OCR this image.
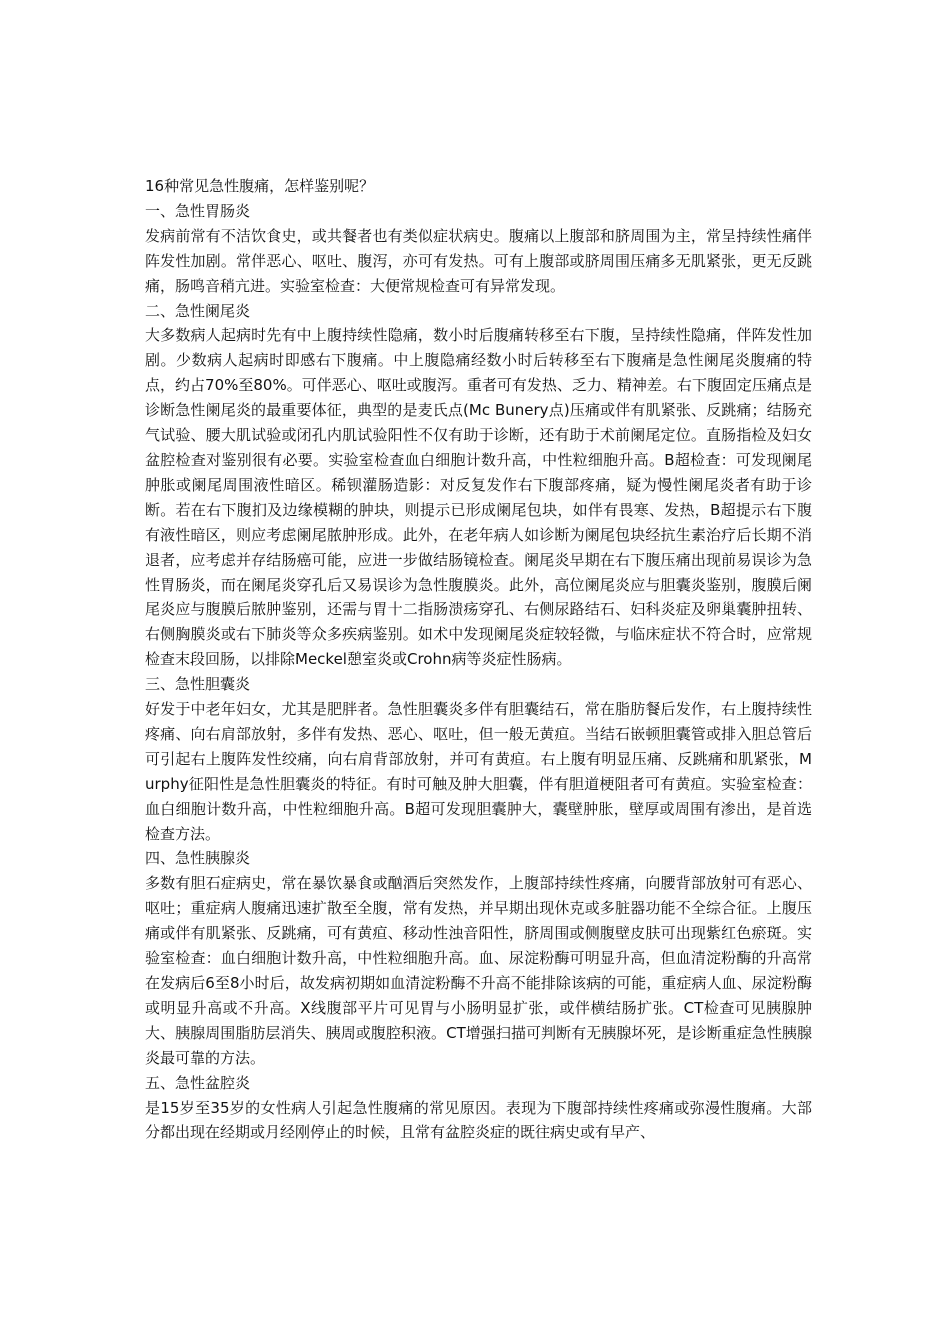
16种常见急性腹痛，怎样鉴别呢？

一、急性胃肠炎

发病前常有不洁饮食史，或共餐者也有类似症状病史。腹痛以上腹部和脐周围为主，常呈持续性痛伴阵发性加剧。常伴恶心、呕吐、腹泻，亦可有发热。可有上腹部或脐周围压痛多无肌紧张，更无反跳痛，肠鸣音稍亢进。实验室检查：大便常规检查可有异常发现。

二、急性阑尾炎

大多数病人起病时先有中上腹持续性隐痛，数小时后腹痛转移至右下腹，呈持续性隐痛，伴阵发性加剧。少数病人起病时即感右下腹痛。中上腹隐痛经数小时后转移至右下腹痛是急性阑尾炎腹痛的特点，约占70%至80%。可伴恶心、呕吐或腹泻。重者可有发热、乏力、精神差。右下腹固定压痛点是诊断急性阑尾炎的最重要体征，典型的是麦氏点(Mc Bunery点)压痛或伴有肌紧张、反跳痛；结肠充气试验、腰大肌试验或闭孔内肌试验阳性不仅有助于诊断，还有助于术前阑尾定位。直肠指检及妇女盆腔检查对鉴别很有必要。实验室检查血白细胞计数升高，中性粒细胞升高。B超检查：可发现阑尾肿胀或阑尾周围液性暗区。稀钡灌肠造影：对反复发作右下腹部疼痛，疑为慢性阑尾炎者有助于诊断。若在右下腹扪及边缘模糊的肿块，则提示已形成阑尾包块，如伴有畏寒、发热，B超提示右下腹有液性暗区，则应考虑阑尾脓肿形成。此外，在老年病人如诊断为阑尾包块经抗生素治疗后长期不消退者，应考虑并存结肠癌可能，应进一步做结肠镜检查。阑尾炎早期在右下腹压痛出现前易误诊为急性胃肠炎，而在阑尾炎穿孔后又易误诊为急性腹膜炎。此外，高位阑尾炎应与胆囊炎鉴别，腹膜后阑尾炎应与腹膜后脓肿鉴别，还需与胃十二指肠溃疡穿孔、右侧尿路结石、妇科炎症及卵巢囊肿扭转、右侧胸膜炎或右下肺炎等众多疾病鉴别。如术中发现阑尾炎症较轻微，与临床症状不符合时，应常规检查末段回肠，以排除Meckel憩室炎或Crohn病等炎症性肠病。

三、急性胆囊炎

好发于中老年妇女，尤其是肥胖者。急性胆囊炎多伴有胆囊结石，常在脂肪餐后发作，右上腹持续性疼痛、向右肩部放射，多伴有发热、恶心、呕吐，但一般无黄疸。当结石嵌顿胆囊管或排入胆总管后可引起右上腹阵发性绞痛，向右肩背部放射，并可有黄疸。右上腹有明显压痛、反跳痛和肌紧张，Murphy征阳性是急性胆囊炎的特征。有时可触及肿大胆囊，伴有胆道梗阻者可有黄疸。实验室检查：血白细胞计数升高，中性粒细胞升高。B超可发现胆囊肿大，囊壁肿胀，壁厚或周围有渗出，是首选检查方法。

四、急性胰腺炎

多数有胆石症病史，常在暴饮暴食或酗酒后突然发作，上腹部持续性疼痛，向腰背部放射可有恶心、呕吐；重症病人腹痛迅速扩散至全腹，常有发热，并早期出现休克或多脏器功能不全综合征。上腹压痛或伴有肌紧张、反跳痛，可有黄疸、移动性浊音阳性，脐周围或侧腹壁皮肤可出现紫红色瘀斑。实验室检查：血白细胞计数升高，中性粒细胞升高。血、尿淀粉酶可明显升高，但血清淀粉酶的升高常在发病后6至8小时后，故发病初期如血清淀粉酶不升高不能排除该病的可能，重症病人血、尿淀粉酶或明显升高或不升高。X线腹部平片可见胃与小肠明显扩张，或伴横结肠扩张。CT检查可见胰腺肿大、胰腺周围脂肪层消失、胰周或腹腔积液。CT增强扫描可判断有无胰腺坏死，是诊断重症急性胰腺炎最可靠的方法。

五、急性盆腔炎

是15岁至35岁的女性病人引起急性腹痛的常见原因。表现为下腹部持续性疼痛或弥漫性腹痛。大部分都出现在经期或月经刚停止的时候，且常有盆腔炎症的既往病史或有早产、
